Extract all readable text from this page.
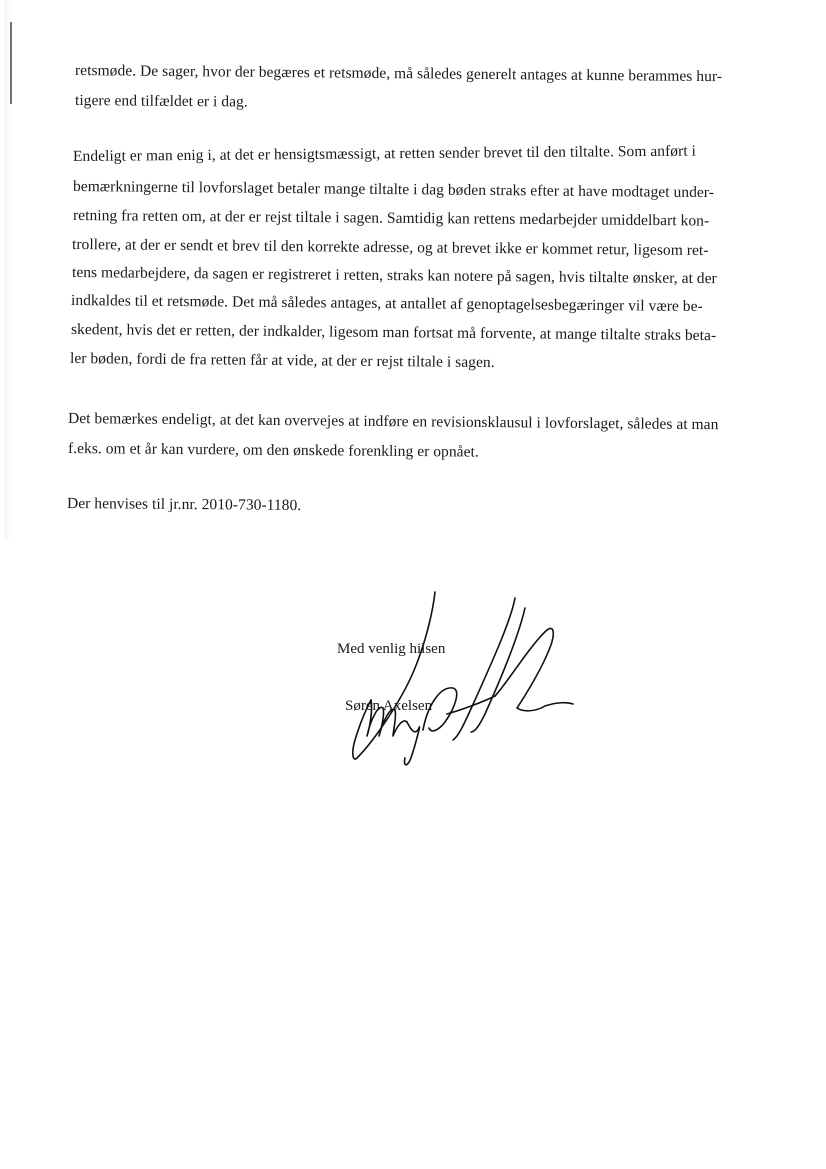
retsmøde. De sager, hvor der begæres et retsmøde, må således generelt antages at kunne berammes hur-
tigere end tilfældet er i dag.
Endeligt er man enig i, at det er hensigtsmæssigt, at retten sender brevet til den tiltalte. Som anført i
bemærkningerne til lovforslaget betaler mange tiltalte i dag bøden straks efter at have modtaget under-
retning fra retten om, at der er rejst tiltale i sagen. Samtidig kan rettens medarbejder umiddelbart kon-
trollere, at der er sendt et brev til den korrekte adresse, og at brevet ikke er kommet retur, ligesom ret-
tens medarbejdere, da sagen er registreret i retten, straks kan notere på sagen, hvis tiltalte ønsker, at der
indkaldes til et retsmøde. Det må således antages, at antallet af genoptagelsesbegæringer vil være be-
skedent, hvis det er retten, der indkalder, ligesom man fortsat må forvente, at mange tiltalte straks beta-
ler bøden, fordi de fra retten får at vide, at der er rejst tiltale i sagen.
Det bemærkes endeligt, at det kan overvejes at indføre en revisionsklausul i lovforslaget, således at man
f.eks. om et år kan vurdere, om den ønskede forenkling er opnået.
Der henvises til jr.nr. 2010-730-1180.
Med venlig hilsen
Søren Axelsen
